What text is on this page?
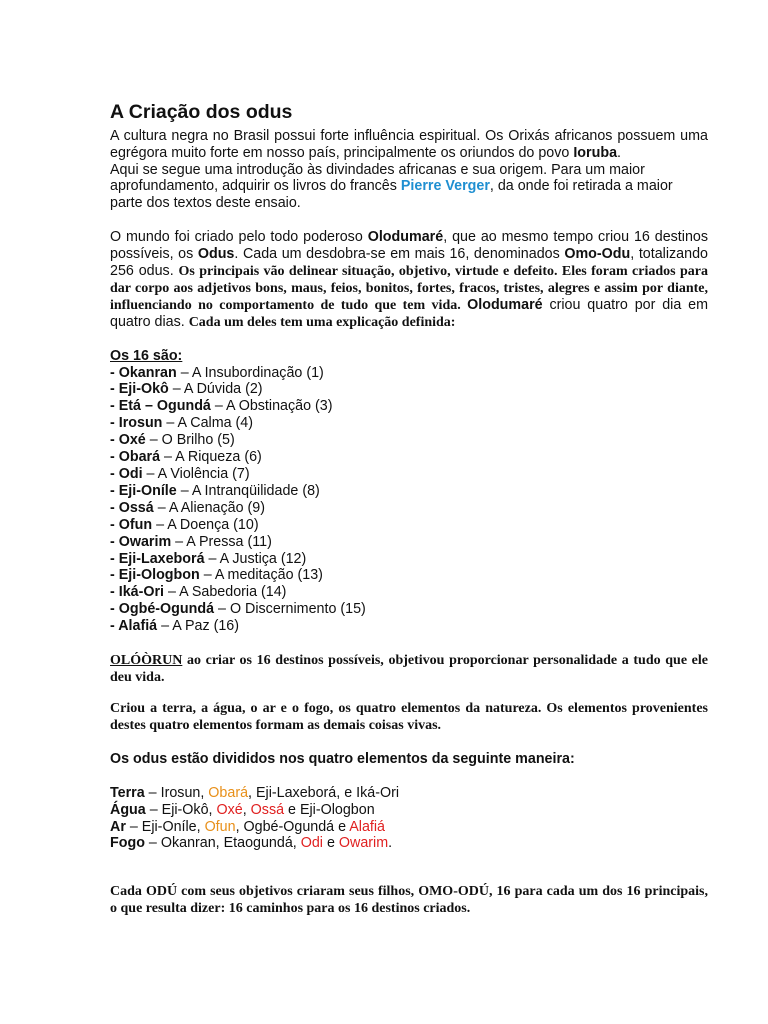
A Criação dos odus

A cultura negra no Brasil possui forte influência espiritual. Os Orixás africanos possuem uma egrégora muito forte em nosso país, principalmente os oriundos do povo Ioruba.

Aqui se segue uma introdução às divindades africanas e sua origem. Para um maior aprofundamento, adquirir os livros do francês Pierre Verger, da onde foi retirada a maior parte dos textos deste ensaio.

O mundo foi criado pelo todo poderoso Olodumaré, que ao mesmo tempo criou 16 destinos possíveis, os Odus. Cada um desdobra-se em mais 16, denominados Omo-Odu, totalizando 256 odus. Os principais vão delinear situação, objetivo, virtude e defeito. Eles foram criados para dar corpo aos adjetivos bons, maus, feios, bonitos, fortes, fracos, tristes, alegres e assim por diante, influenciando no comportamento de tudo que tem vida. Olodumaré criou quatro por dia em quatro dias. Cada um deles tem uma explicação definida:

Os 16 são:
- Okanran – A Insubordinação (1)
- Eji-Okô – A Dúvida (2)
- Etá – Ogundá – A Obstinação (3)
- Irosun – A Calma (4)
- Oxé – O Brilho (5)
- Obará – A Riqueza (6)
- Odi – A Violência (7)
- Eji-Oníle – A Intranqüilidade (8)
- Ossá – A Alienação (9)
- Ofun – A Doença (10)
- Owarim – A Pressa (11)
- Eji-Laxeborá – A Justiça (12)
- Eji-Ologbon – A meditação (13)
- Iká-Ori – A Sabedoria (14)
- Ogbé-Ogundá – O Discernimento (15)
- Alafiá – A Paz (16)

OLÓÒRUN ao criar os 16 destinos possíveis, objetivou proporcionar personalidade a tudo que ele deu vida.

Criou a terra, a água, o ar e o fogo, os quatro elementos da natureza. Os elementos provenientes destes quatro elementos formam as demais coisas vivas.

Os odus estão divididos nos quatro elementos da seguinte maneira:

Terra – Irosun, Obará, Eji-Laxeborá, e Iká-Ori

Água – Eji-Okô, Oxé, Ossá e Eji-Ologbon

Ar – Eji-Oníle, Ofun, Ogbé-Ogundá e Alafiá

Fogo – Okanran, Etaogundá, Odi e Owarim.

Cada ODÚ com seus objetivos criaram seus filhos, OMO-ODÚ, 16 para cada um dos 16 principais, o que resulta dizer: 16 caminhos para os 16 destinos criados.
